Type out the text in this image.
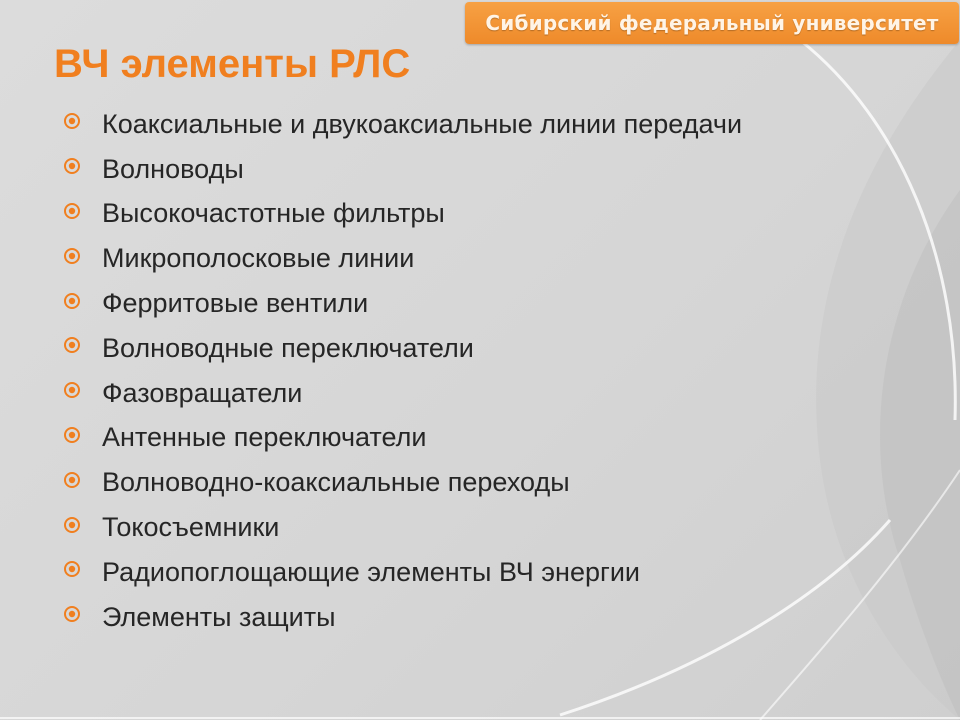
Сибирский федеральный университет
ВЧ элементы РЛС
Коаксиальные и двукоаксиальные линии передачи
Волноводы
Высокочастотные фильтры
Микрополосковые линии
Ферритовые вентили
Волноводные переключатели
Фазовращатели
Антенные переключатели
Волноводно-коаксиальные переходы
Токосъемники
Радиопоглощающие элементы ВЧ энергии
Элементы защиты
